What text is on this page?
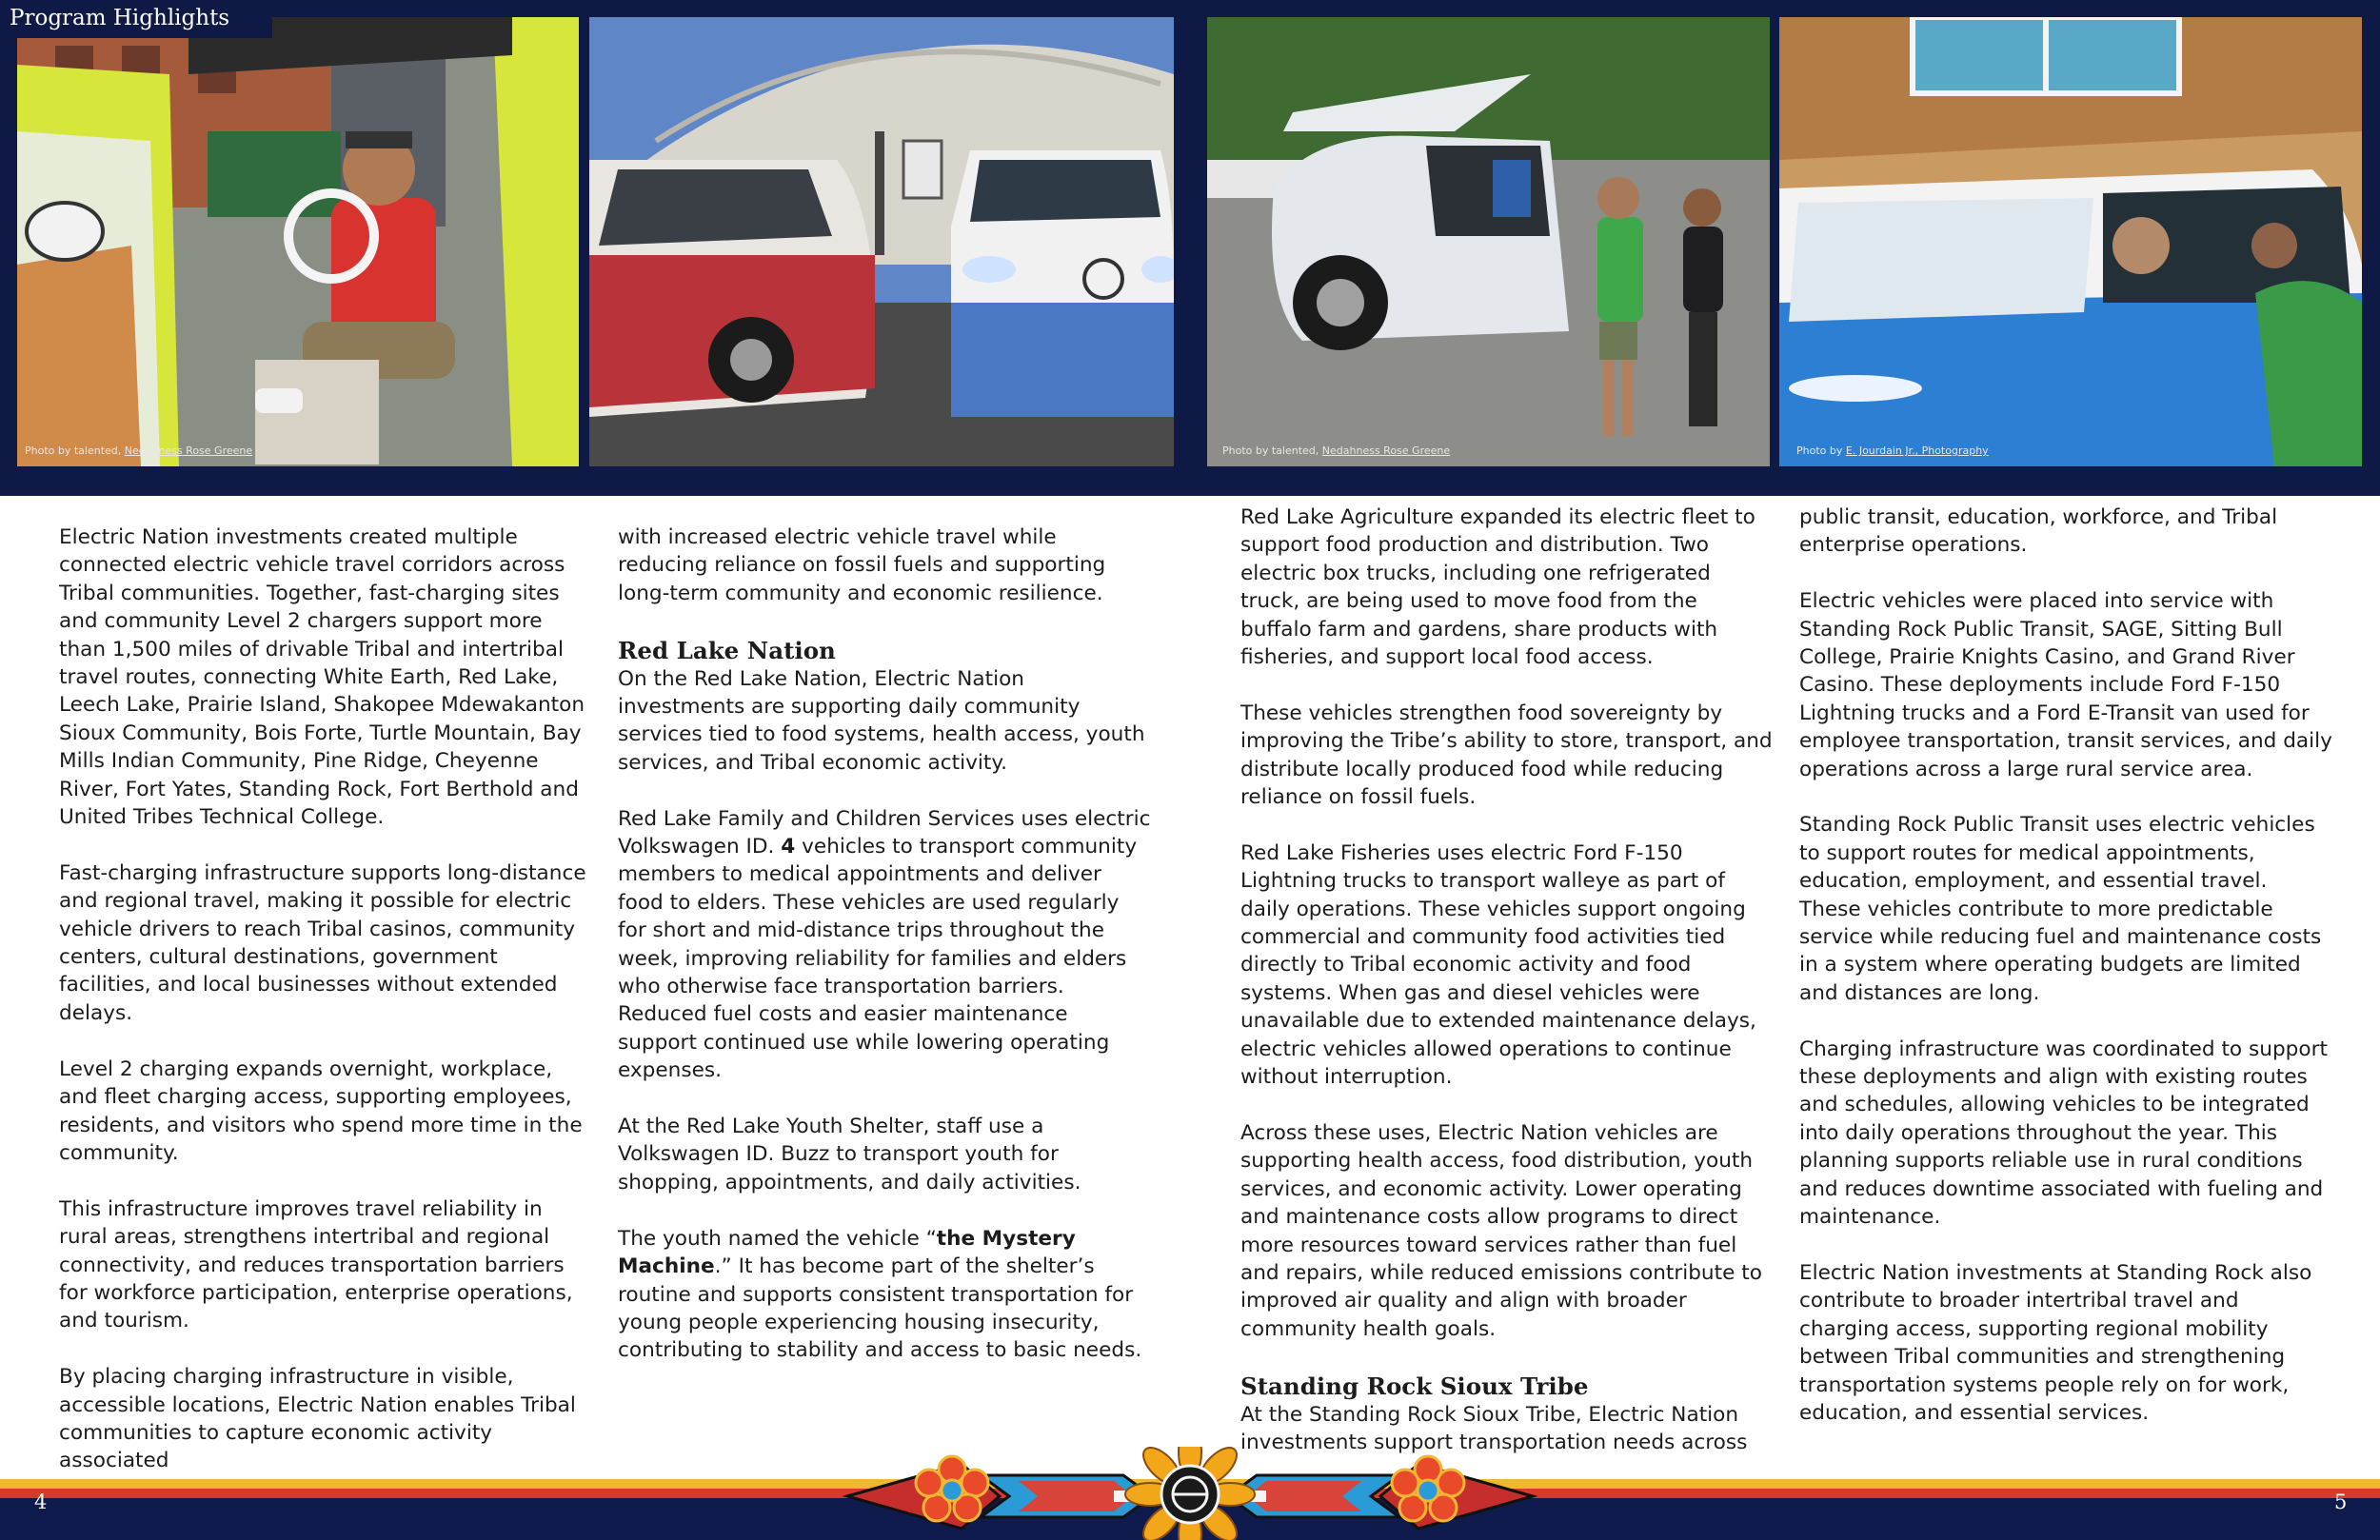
Photo by talented, Nedahness Rose Greene	Photo by talented, Nedahness Rose Greene	Photo by E. Jourdain Jr., Photography
Program Highlights

Electric Nation investments created multiple connected electric vehicle travel corridors across Tribal communities. Together, fast-charging sites and community Level 2 chargers support more than 1,500 miles of drivable Tribal and intertribal travel routes, connecting White Earth, Red Lake, Leech Lake, Prairie Island, Shakopee Mdewakanton Sioux Community, Bois Forte, Turtle Mountain, Bay Mills Indian Community, Pine Ridge, Cheyenne River, Fort Yates, Standing Rock, Fort Berthold and United Tribes Technical College.

Fast-charging infrastructure supports long-distance and regional travel, making it possible for electric vehicle drivers to reach Tribal casinos, community centers, cultural destinations, government facilities, and local businesses without extended delays.

Level 2 charging expands overnight, workplace, and fleet charging access, supporting employees, residents, and visitors who spend more time in the community.

This infrastructure improves travel reliability in rural areas, strengthens intertribal and regional connectivity, and reduces transportation barriers for workforce participation, enterprise operations, and tourism.

By placing charging infrastructure in visible, accessible locations, Electric Nation enables Tribal communities to capture economic activity associated

with increased electric vehicle travel while reducing reliance on fossil fuels and supporting long-term community and economic resilience.

Red Lake Nation

On the Red Lake Nation, Electric Nation investments are supporting daily community services tied to food systems, health access, youth services, and Tribal economic activity.

Red Lake Family and Children Services uses electric Volkswagen ID. 4 vehicles to transport community members to medical appointments and deliver food to elders. These vehicles are used regularly for short and mid-distance trips throughout the week, improving reliability for families and elders who otherwise face transportation barriers. Reduced fuel costs and easier maintenance support continued use while lowering operating expenses.

At the Red Lake Youth Shelter, staff use a Volkswagen ID. Buzz to transport youth for shopping, appointments, and daily activities.

The youth named the vehicle “the Mystery Machine.” It has become part of the shelter’s routine and supports consistent transportation for young people experiencing housing insecurity, contributing to stability and access to basic needs.

Red Lake Agriculture expanded its electric fleet to support food production and distribution. Two electric box trucks, including one refrigerated truck, are being used to move food from the buffalo farm and gardens, share products with fisheries, and support local food access.

These vehicles strengthen food sovereignty by improving the Tribe’s ability to store, transport, and distribute locally produced food while reducing reliance on fossil fuels.

Red Lake Fisheries uses electric Ford F-150 Lightning trucks to transport walleye as part of daily operations. These vehicles support ongoing commercial and community food activities tied directly to Tribal economic activity and food systems. When gas and diesel vehicles were unavailable due to extended maintenance delays, electric vehicles allowed operations to continue without interruption.

Across these uses, Electric Nation vehicles are supporting health access, food distribution, youth services, and economic activity. Lower operating and maintenance costs allow programs to direct more resources toward services rather than fuel and repairs, while reduced emissions contribute to improved air quality and align with broader community health goals.

Standing Rock Sioux Tribe

At the Standing Rock Sioux Tribe, Electric Nation investments support transportation needs across

public transit, education, workforce, and Tribal enterprise operations.

Electric vehicles were placed into service with Standing Rock Public Transit, SAGE, Sitting Bull College, Prairie Knights Casino, and Grand River Casino. These deployments include Ford F-150 Lightning trucks and a Ford E-Transit van used for employee transportation, transit services, and daily operations across a large rural service area.

Standing Rock Public Transit uses electric vehicles to support routes for medical appointments, education, employment, and essential travel. These vehicles contribute to more predictable service while reducing fuel and maintenance costs in a system where operating budgets are limited and distances are long.

Charging infrastructure was coordinated to support these deployments and align with existing routes and schedules, allowing vehicles to be integrated into daily operations throughout the year. This planning supports reliable use in rural conditions and reduces downtime associated with fueling and maintenance.

Electric Nation investments at Standing Rock also contribute to broader intertribal travel and charging access, supporting regional mobility between Tribal communities and strengthening transportation systems people rely on for work, education, and essential services.

4	5
